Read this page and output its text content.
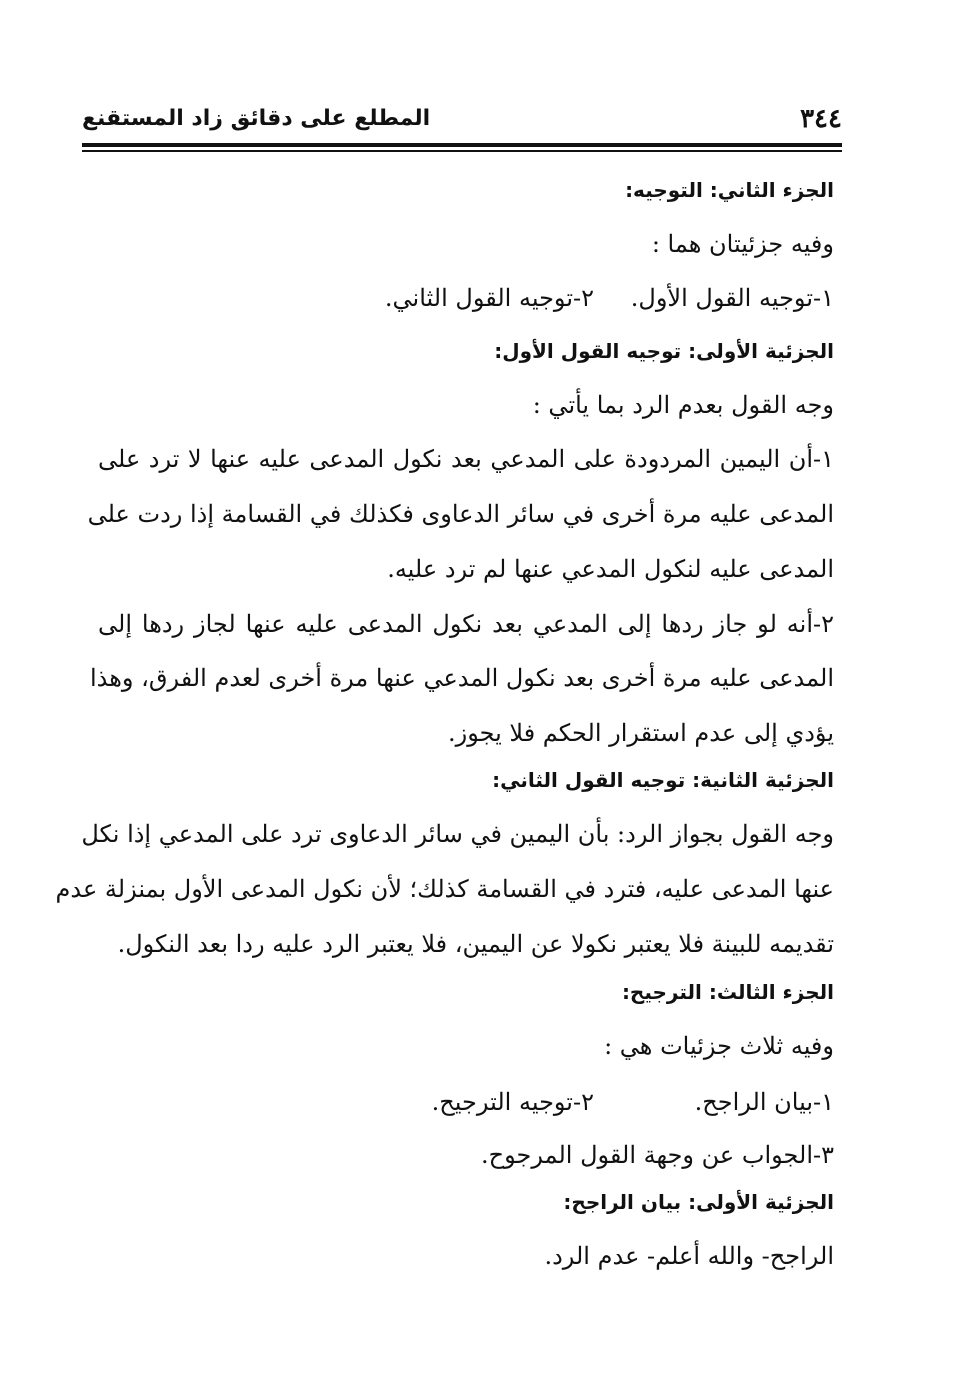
٣٤٤
المطلع على دقائق زاد المستقنع
الجزء الثاني: التوجيه:
وفيه جزئيتان هما :
١-توجيه القول الأول.
٢-توجيه القول الثاني.
الجزئية الأولى: توجيه القول الأول:
وجه القول بعدم الرد بما يأتي :
١-أن اليمين المردودة على المدعي بعد نكول المدعى عليه عنها لا ترد على
المدعى عليه مرة أخرى في سائر الدعاوى فكذلك في القسامة إذا ردت على
المدعى عليه لنكول المدعي عنها لم ترد عليه.
٢-أنه لو جاز ردها إلى المدعي بعد نكول المدعى عليه عنها لجاز ردها إلى
المدعى عليه مرة أخرى بعد نكول المدعي عنها مرة أخرى لعدم الفرق، وهذا
يؤدي إلى عدم استقرار الحكم فلا يجوز.
الجزئية الثانية: توجيه القول الثاني:
وجه القول بجواز الرد: بأن اليمين في سائر الدعاوى ترد على المدعي إذا نكل
عنها المدعى عليه، فترد في القسامة كذلك؛ لأن نكول المدعى الأول بمنزلة عدم
تقديمه للبينة فلا يعتبر نكولا عن اليمين، فلا يعتبر الرد عليه ردا بعد النكول.
الجزء الثالث: الترجيح:
وفيه ثلاث جزئيات هي :
١-بيان الراجح.
٢-توجيه الترجيح.
٣-الجواب عن وجهة القول المرجوح.
الجزئية الأولى: بيان الراجح:
الراجح- والله أعلم- عدم الرد.
